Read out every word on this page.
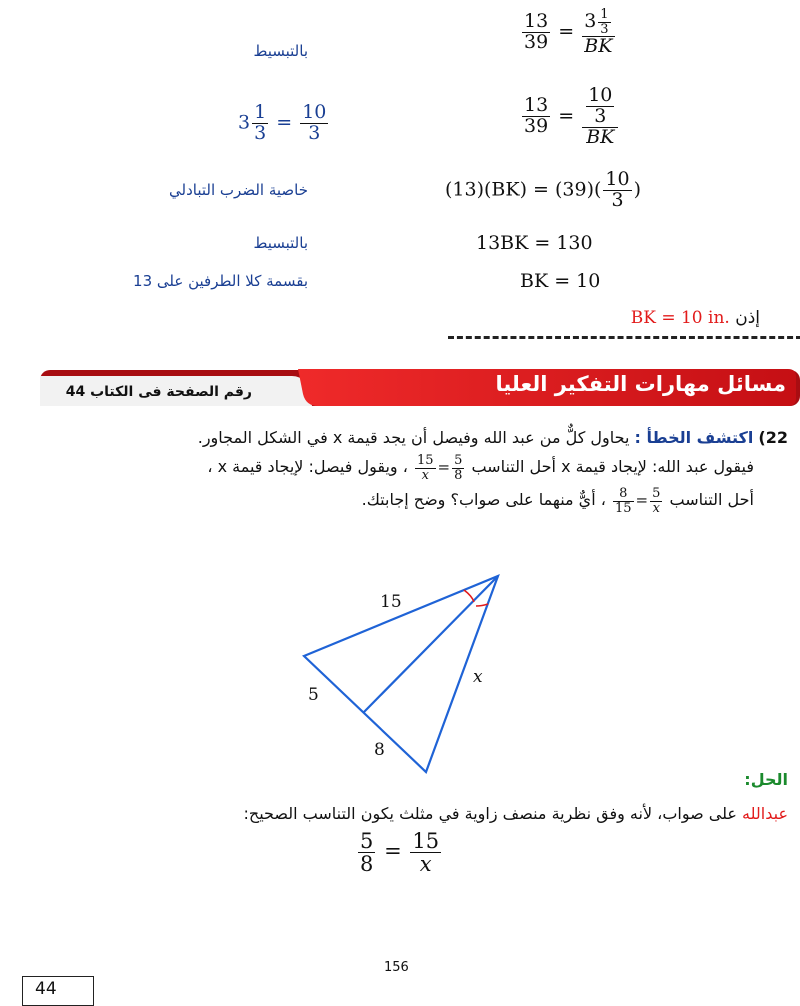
$\frac{13}{39} = \frac{3 \frac{1}{3}}{BK}$
بالتبسيط
$\frac{13}{39} = \frac{\frac{10}{3}}{BK}$
$3 \frac{1}{3} = \frac{10}{3}$
$(13)(BK) = (39)( \frac{10}{3}$ )
خاصية الضرب التبادلي
13BK = 130
بالتبسيط
BK = 10
بقسمة كلا الطرفين على 13
إذن .BK = 10 in
مسائل مهارات التفكير العليا
رقم الصفحة فى الكتاب 44
22) اكتشف الخطأ : يحاول كلٌّ من عبد الله وفيصل أن يجد قيمة x في الشكل المجاور.
فيقول عبد الله: لإيجاد قيمة x أحل التناسب
$\frac{5}{8}$
=
$\frac{15}{x}$
، ويقول فيصل: لإيجاد قيمة x ،
أحل التناسب
$\frac{5}{x}$
=
$\frac{8}{15}$
، أيٌّ منهما على صواب؟ وضح إجابتك.
15
5
8
x
الحل:
عبدالله على صواب، لأنه وفق نظرية منصف زاوية في مثلث يكون التناسب الصحيح:
$\frac{5}{8} = \frac{15}{x}$
156
44
